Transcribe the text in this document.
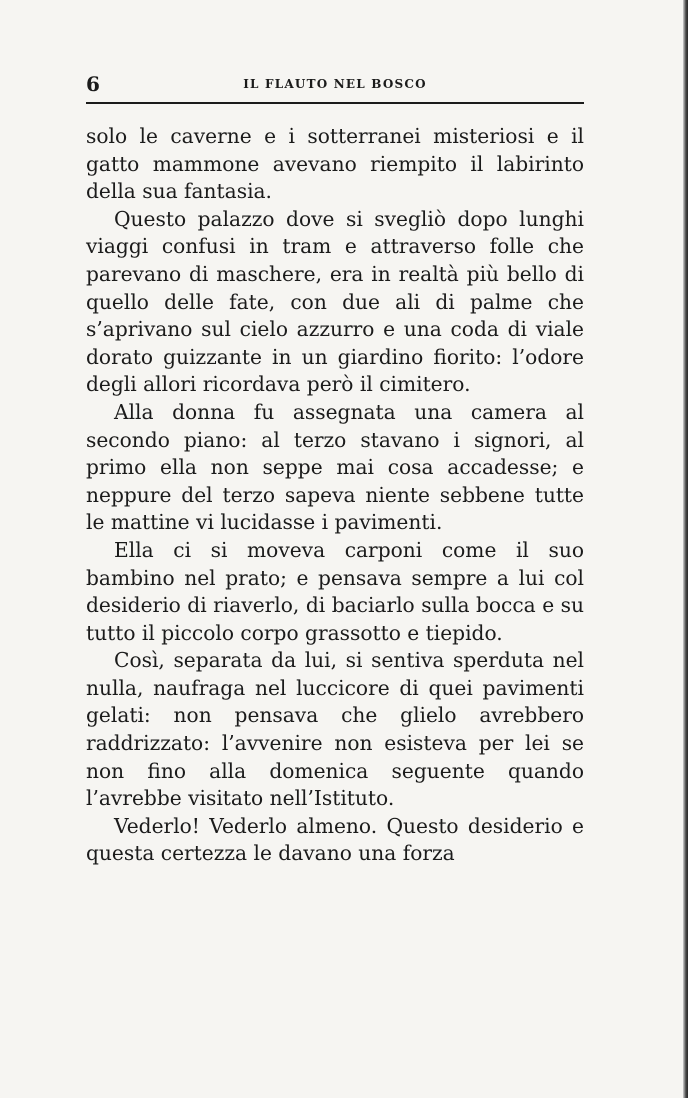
6	IL FLAUTO NEL BOSCO

solo le caverne e i sotterranei misteriosi e il gatto mammone avevano riempito il labirinto della sua fantasia.

Questo palazzo dove si svegliò dopo lunghi viaggi confusi in tram e attraverso folle che parevano di maschere, era in realtà più bello di quello delle fate, con due ali di palme che s’aprivano sul cielo azzurro e una coda di viale dorato guizzante in un giardino fiorito: l’odore degli allori ricordava però il cimitero.

Alla donna fu assegnata una camera al secondo piano: al terzo stavano i signori, al primo ella non seppe mai cosa accadesse; e neppure del terzo sapeva niente sebbene tutte le mattine vi lucidasse i pavimenti.

Ella ci si moveva carponi come il suo bambino nel prato; e pensava sempre a lui col desiderio di riaverlo, di baciarlo sulla bocca e su tutto il piccolo corpo grassotto e tiepido.

Così, separata da lui, si sentiva sperduta nel nulla, naufraga nel luccicore di quei pavimenti gelati: non pensava che glielo avrebbero raddrizzato: l’avvenire non esisteva per lei se non fino alla domenica seguente quando l’avrebbe visitato nell’Istituto.

Vederlo! Vederlo almeno. Questo desiderio e questa certezza le davano una forza
